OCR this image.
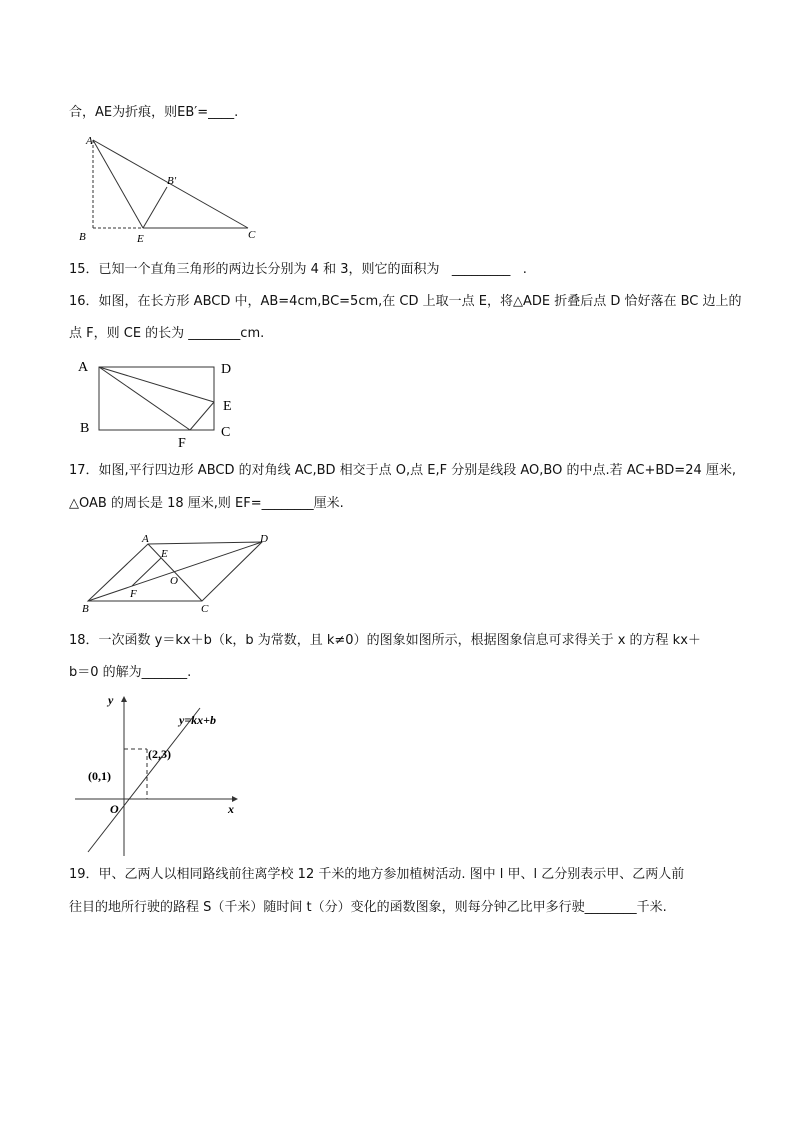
合，AE为折痕，则EB′=____.
A
B′
B	E	C
15．已知一个直角三角形的两边长分别为 4 和 3，则它的面积为   _________   .
16．如图，在长方形 ABCD 中，AB=4cm,BC=5cm,在 CD 上取一点 E，将△ADE 折叠后点 D 恰好落在 BC 边上的
点 F，则 CE 的长为 ________cm.
A	D
E
B
F
C
17．如图,平行四边形 ABCD 的对角线 AC,BD 相交于点 O,点 E,F 分别是线段 AO,BO 的中点.若 AC+BD=24 厘米,
△OAB 的周长是 18 厘米,则 EF=________厘米.
A	D
E
O
F
B	C
18．一次函数 y＝kx＋b（k，b 为常数，且 k≠0）的图象如图所示，根据图象信息可求得关于 x 的方程 kx＋
b＝0 的解为_______.
y
x
O
y=kx+b
(2,3)
(0,1)
19．甲、乙两人以相同路线前往离学校 12 千米的地方参加植树活动. 图中 l 甲、l 乙分别表示甲、乙两人前
往目的地所行驶的路程 S（千米）随时间 t（分）变化的函数图象，则每分钟乙比甲多行驶________千米.
